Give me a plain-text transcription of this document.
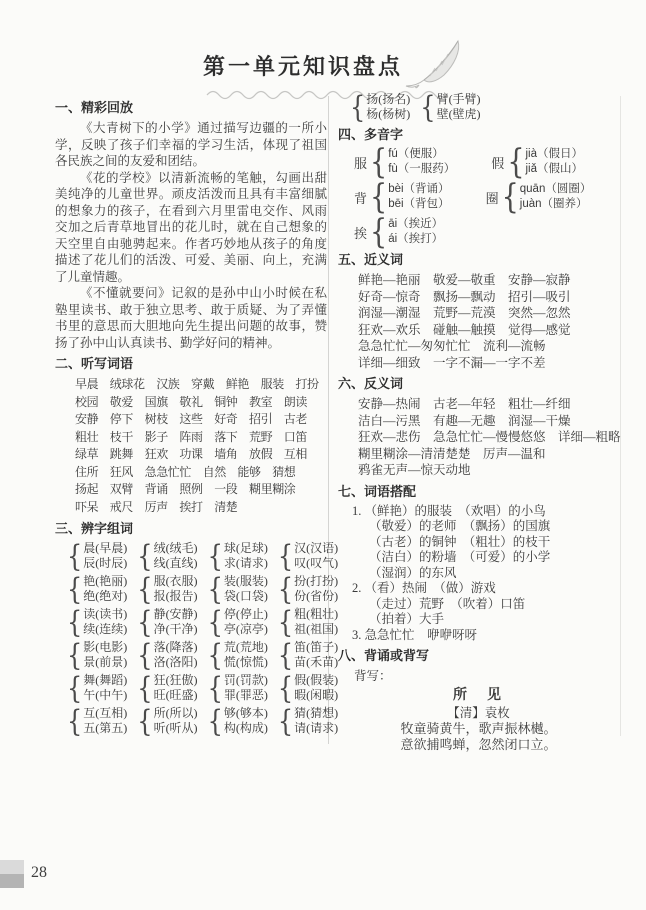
第一单元知识盘点
一、精彩回放

《大青树下的小学》通过描写边疆的一所小学，反映了孩子们幸福的学习生活，体现了祖国各民族之间的友爱和团结。

《花的学校》以清新流畅的笔触，勾画出甜美纯净的儿童世界。顽皮活泼而且具有丰富细腻的想象力的孩子，在看到六月里雷电交作、风雨交加之后青草地冒出的花儿时，就在自己想象的天空里自由驰骋起来。作者巧妙地从孩子的角度描述了花儿们的活泼、可爱、美丽、向上，充满了儿童情趣。

《不懂就要问》记叙的是孙中山小时候在私塾里读书、敢于独立思考、敢于质疑、为了弄懂书里的意思而大胆地向先生提出问题的故事，赞扬了孙中山认真读书、勤学好问的精神。

二、听写词语
早晨　绒球花　汉族　穿戴　鲜艳　服装　打扮
校园　敬爱　国旗　敬礼　铜钟　教室　朗读
安静　停下　树枝　这些　好奇　招引　古老
粗壮　枝干　影子　阵雨　落下　荒野　口笛
绿草　跳舞　狂欢　功课　墙角　放假　互相
住所　狂风　急急忙忙　自然　能够　猜想
扬起　双臂　背诵　照例　一段　糊里糊涂
吓呆　戒尺　厉声　挨打　清楚
三、辨字组词
{ 晨(早晨)
辰(时辰) { 绒(绒毛)
线(直线) { 球(足球)
求(请求) { 汉(汉语)
叹(叹气)
{ 艳(艳丽)
绝(绝对) { 服(衣服)
报(报告) { 装(服装)
袋(口袋) { 扮(打扮)
份(省份)
{ 读(读书)
续(连续) { 静(安静)
净(干净) { 停(停止)
亭(凉亭) { 粗(粗壮)
祖(祖国)
{ 影(电影)
景(前景) { 落(降落)
洛(洛阳) { 荒(荒地)
慌(惊慌) { 笛(笛子)
苗(禾苗)
{ 舞(舞蹈)
午(中午) { 狂(狂傲)
旺(旺盛) { 罚(罚款)
罪(罪恶) { 假(假装)
暇(闲暇)
{ 互(互相)
五(第五) { 所(所以)
听(听从) { 够(够本)
构(构成) { 猜(猜想)
请(请求)
{ 扬(扬名)
杨(杨树) { 臂(手臂)
壁(壁虎)
四、多音字
服 { fú（便服）
fù（一服药）	假 { jià（假日）
jiǎ（假山）
背 { bèi（背诵）
bēi（背包）	圈 { quān（圆圈）
juàn（圈养）
挨 { āi（挨近）
ái（挨打）
五、近义词
鲜艳—艳丽　敬爱—敬重　安静—寂静
好奇—惊奇　飘扬—飘动　招引—吸引
润湿—潮湿　荒野—荒漠　突然—忽然
狂欢—欢乐　碰触—触摸　觉得—感觉
急急忙忙—匆匆忙忙　流利—流畅
详细—细致　一字不漏—一字不差
六、反义词
安静—热闹　古老—年轻　粗壮—纤细
洁白—污黑　有趣—无趣　润湿—干燥
狂欢—悲伤　急急忙忙—慢慢悠悠　详细—粗略
糊里糊涂—清清楚楚　厉声—温和
鸦雀无声—惊天动地
七、词语搭配
1. （鲜艳）的服装　（欢唱）的小鸟
（敬爱）的老师　（飘扬）的国旗
（古老）的铜钟　（粗壮）的枝干
（洁白）的粉墙　（可爱）的小学
（湿润）的东风
2. （看）热闹　（做）游戏
（走过）荒野　（吹着）口笛
（拍着）大手
3. 急急忙忙　咿咿呀呀
八、背诵或背写
背写：
所　见
【清】袁枚
牧童骑黄牛，歌声振林樾。
意欲捕鸣蝉，忽然闭口立。
28
